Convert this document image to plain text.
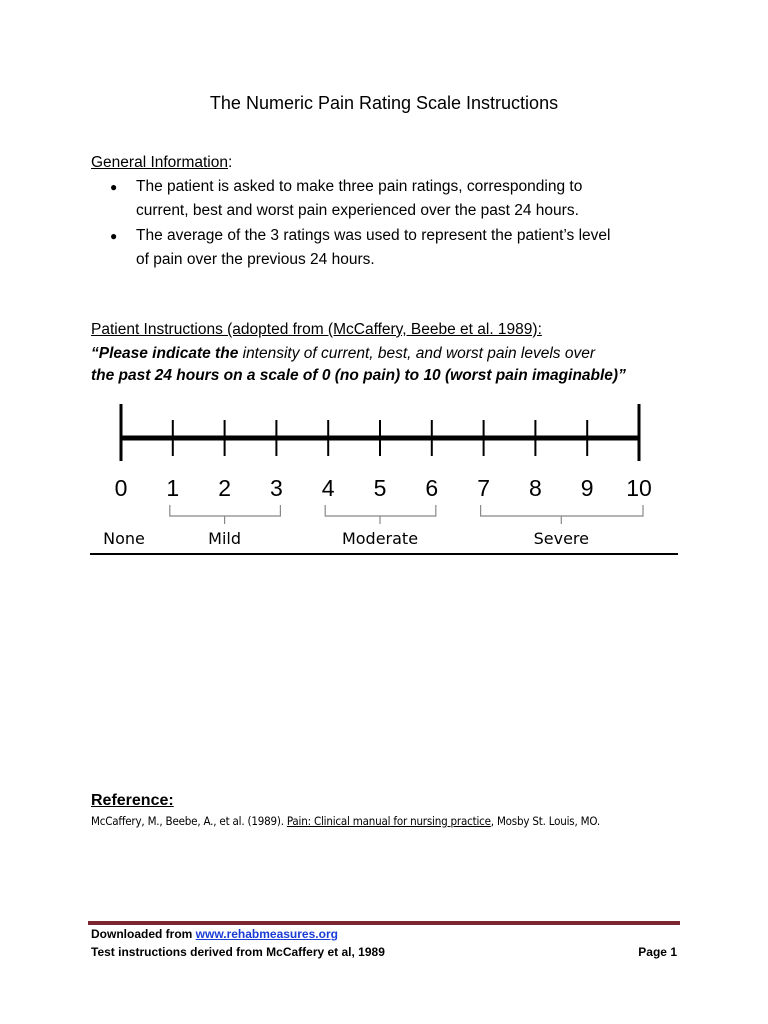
The Numeric Pain Rating Scale Instructions
General Information:
● The patient is asked to make three pain ratings, corresponding to
current, best and worst pain experienced over the past 24 hours.
● The average of the 3 ratings was used to represent the patient’s level
of pain over the previous 24 hours.
Patient Instructions (adopted from (McCaffery, Beebe et al. 1989):
“Please indicate the intensity of current, best, and worst pain levels over
the past 24 hours on a scale of 0 (no pain) to 10 (worst pain imaginable)”
0 1 2 3 4 5 6 7 8 9 10
None	Mild	Moderate	Severe
Reference:
McCaffery, M., Beebe, A., et al. (1989). Pain: Clinical manual for nursing practice, Mosby St. Louis, MO.
Downloaded from www.rehabmeasures.org
Test instructions derived from McCaffery et al, 1989	Page 1
